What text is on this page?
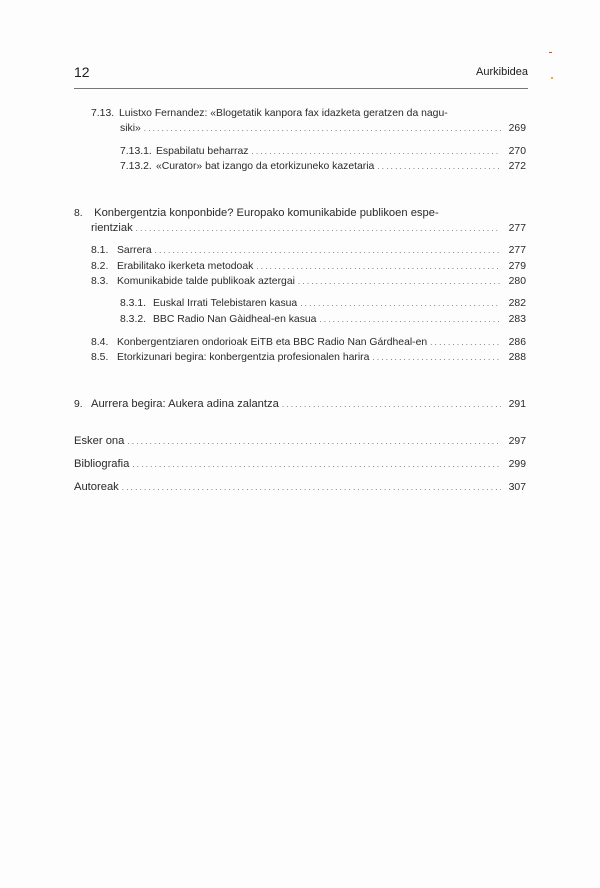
12	Aurkibidea
7.13. Luistxo Fernandez: «Blogetatik kanpora fax idazketa geratzen da nagu-
siki» . . .	269
7.13.1. Espabilatu beharraz . . .	270
7.13.2. «Curator» bat izango da etorkizuneko kazetaria . . .	272
8. Konbergentzia konponbide? Europako komunikabide publikoen espe-
rientziak . . .	277
8.1. Sarrera . . .	277
8.2. Erabilitako ikerketa metodoak . . .	279
8.3. Komunikabide talde publikoak aztergai . . .	280
8.3.1. Euskal Irrati Telebistaren kasua . . .	282
8.3.2. BBC Radio Nan Gàidheal-en kasua . . .	283
8.4. Konbergentziaren ondorioak EiTB eta BBC Radio Nan Gárdheal-en . . .	286
8.5. Etorkizunari begira: konbergentzia profesionalen harira . . .	288
9. Aurrera begira: Aukera adina zalantza . . .	291
Esker ona . . .	297
Bibliografia . . .	299
Autoreak . . .	307
